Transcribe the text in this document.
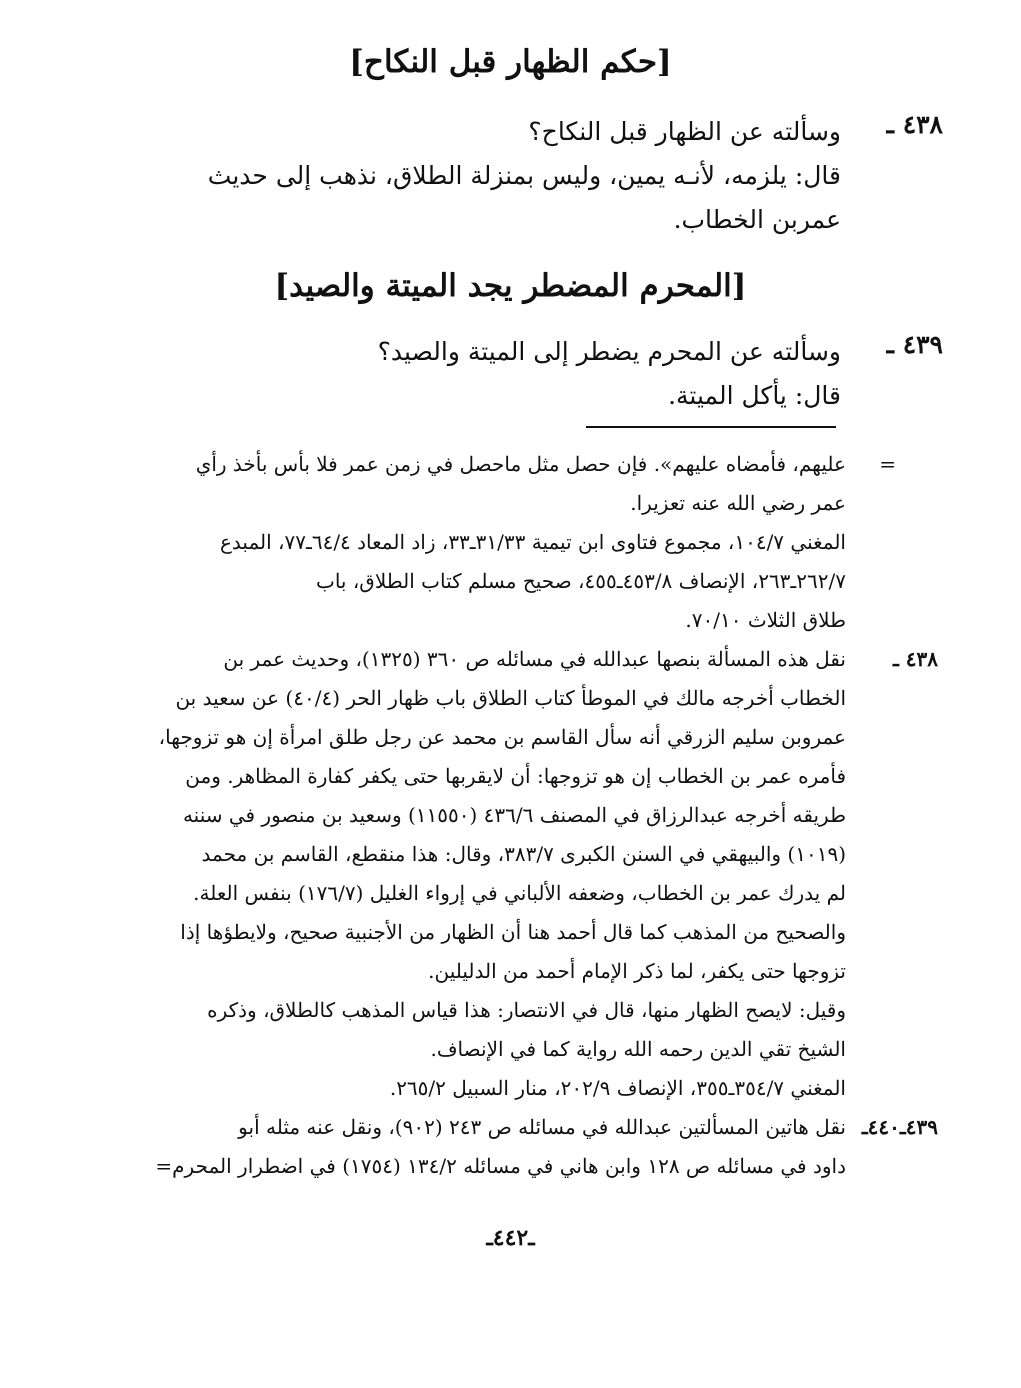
[حكم الظهار قبل النكاح]
٤٣٨ ـ
وسألته عن الظهار قبل النكاح؟
قال: يلزمه، لأنـه يمين، وليس بمنزلة الطلاق، نذهب إلى حديث
عمربن الخطاب.
[المحرم المضطر يجد الميتة والصيد]
٤٣٩ ـ
وسألته عن المحرم يضطر إلى الميتة والصيد؟
قال: يأكل الميتة.
=
عليهم، فأمضاه عليهم». فإن حصل مثل ماحصل في زمن عمر فلا بأس بأخذ رأي
عمر رضي الله عنه تعزيرا.
المغني ١٠٤/٧، مجموع فتاوى ابن تيمية ٣١/٣٣ـ٣٣، زاد المعاد ٦٤/٤ـ٧٧، المبدع
٢٦٢/٧ـ٢٦٣، الإنصاف ٤٥٣/٨ـ٤٥٥، صحيح مسلم كتاب الطلاق، باب
طلاق الثلاث ٧٠/١٠.
٤٣٨ ـ
نقل هذه المسألة بنصها عبدالله في مسائله ص ٣٦٠ (١٣٢٥)، وحديث عمر بن
الخطاب أخرجه مالك في الموطأ كتاب الطلاق باب ظهار الحر (٤٠/٤) عن سعيد بن
عمروبن سليم الزرقي أنه سأل القاسم بن محمد عن رجل طلق امرأة إن هو تزوجها،
فأمره عمر بن الخطاب إن هو تزوجها: أن لايقربها حتى يكفر كفارة المظاهر. ومن
طريقه أخرجه عبدالرزاق في المصنف ٤٣٦/٦ (١١٥٥٠) وسعيد بن منصور في سننه
(١٠١٩) والبيهقي في السنن الكبرى ٣٨٣/٧، وقال: هذا منقطع، القاسم بن محمد
لم يدرك عمر بن الخطاب، وضعفه الألباني في إرواء الغليل (١٧٦/٧) بنفس العلة.
والصحيح من المذهب كما قال أحمد هنا أن الظهار من الأجنبية صحيح، ولايطؤها إذا
تزوجها حتى يكفر، لما ذكر الإمام أحمد من الدليلين.
وقيل: لايصح الظهار منها، قال في الانتصار: هذا قياس المذهب كالطلاق، وذكره
الشيخ تقي الدين رحمه الله رواية كما في الإنصاف.
المغني ٣٥٤/٧ـ٣٥٥، الإنصاف ٢٠٢/٩، منار السبيل ٢٦٥/٢.
٤٣٩ـ٤٤٠ـ
نقل هاتين المسألتين عبدالله في مسائله ص ٢٤٣ (٩٠٢)، ونقل عنه مثله أبو
داود في مسائله ص ١٢٨ وابن هاني في مسائله ١٣٤/٢ (١٧٥٤) في اضطرار المحرم=
ـ٤٤٢ـ
